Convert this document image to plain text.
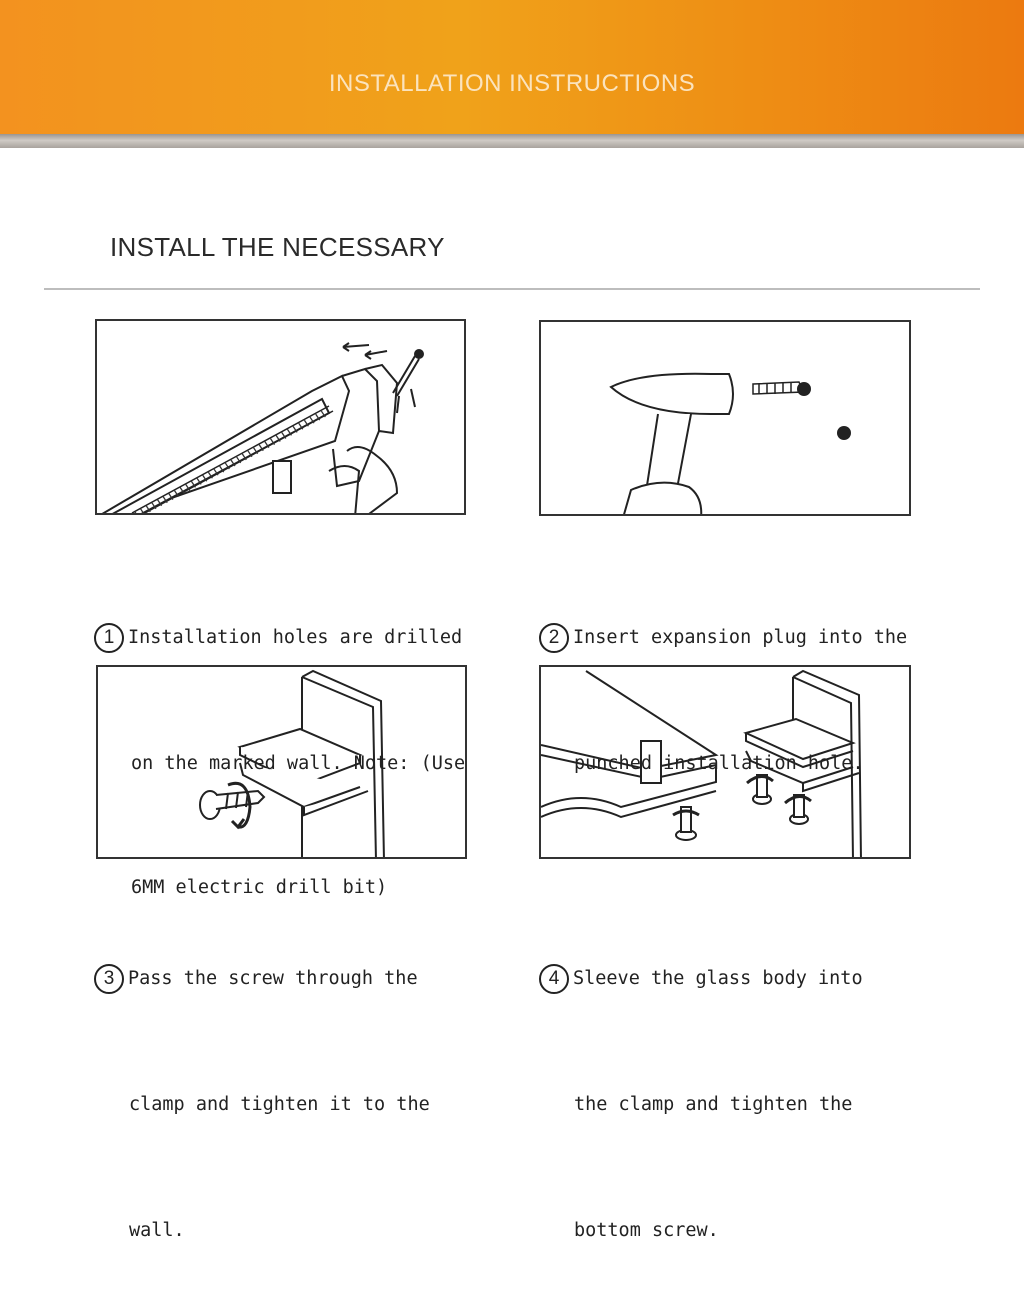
INSTALLATION INSTRUCTIONS
INSTALL THE NECESSARY

1 Installation holes are drilled

on the marked wall. Note: (Use

6MM electric drill bit)

2 Insert expansion plug into the

punched installation hole.

3 Pass the screw through the

clamp and tighten it to the

wall.

4 Sleeve the glass body into

the clamp and tighten the

bottom screw.
